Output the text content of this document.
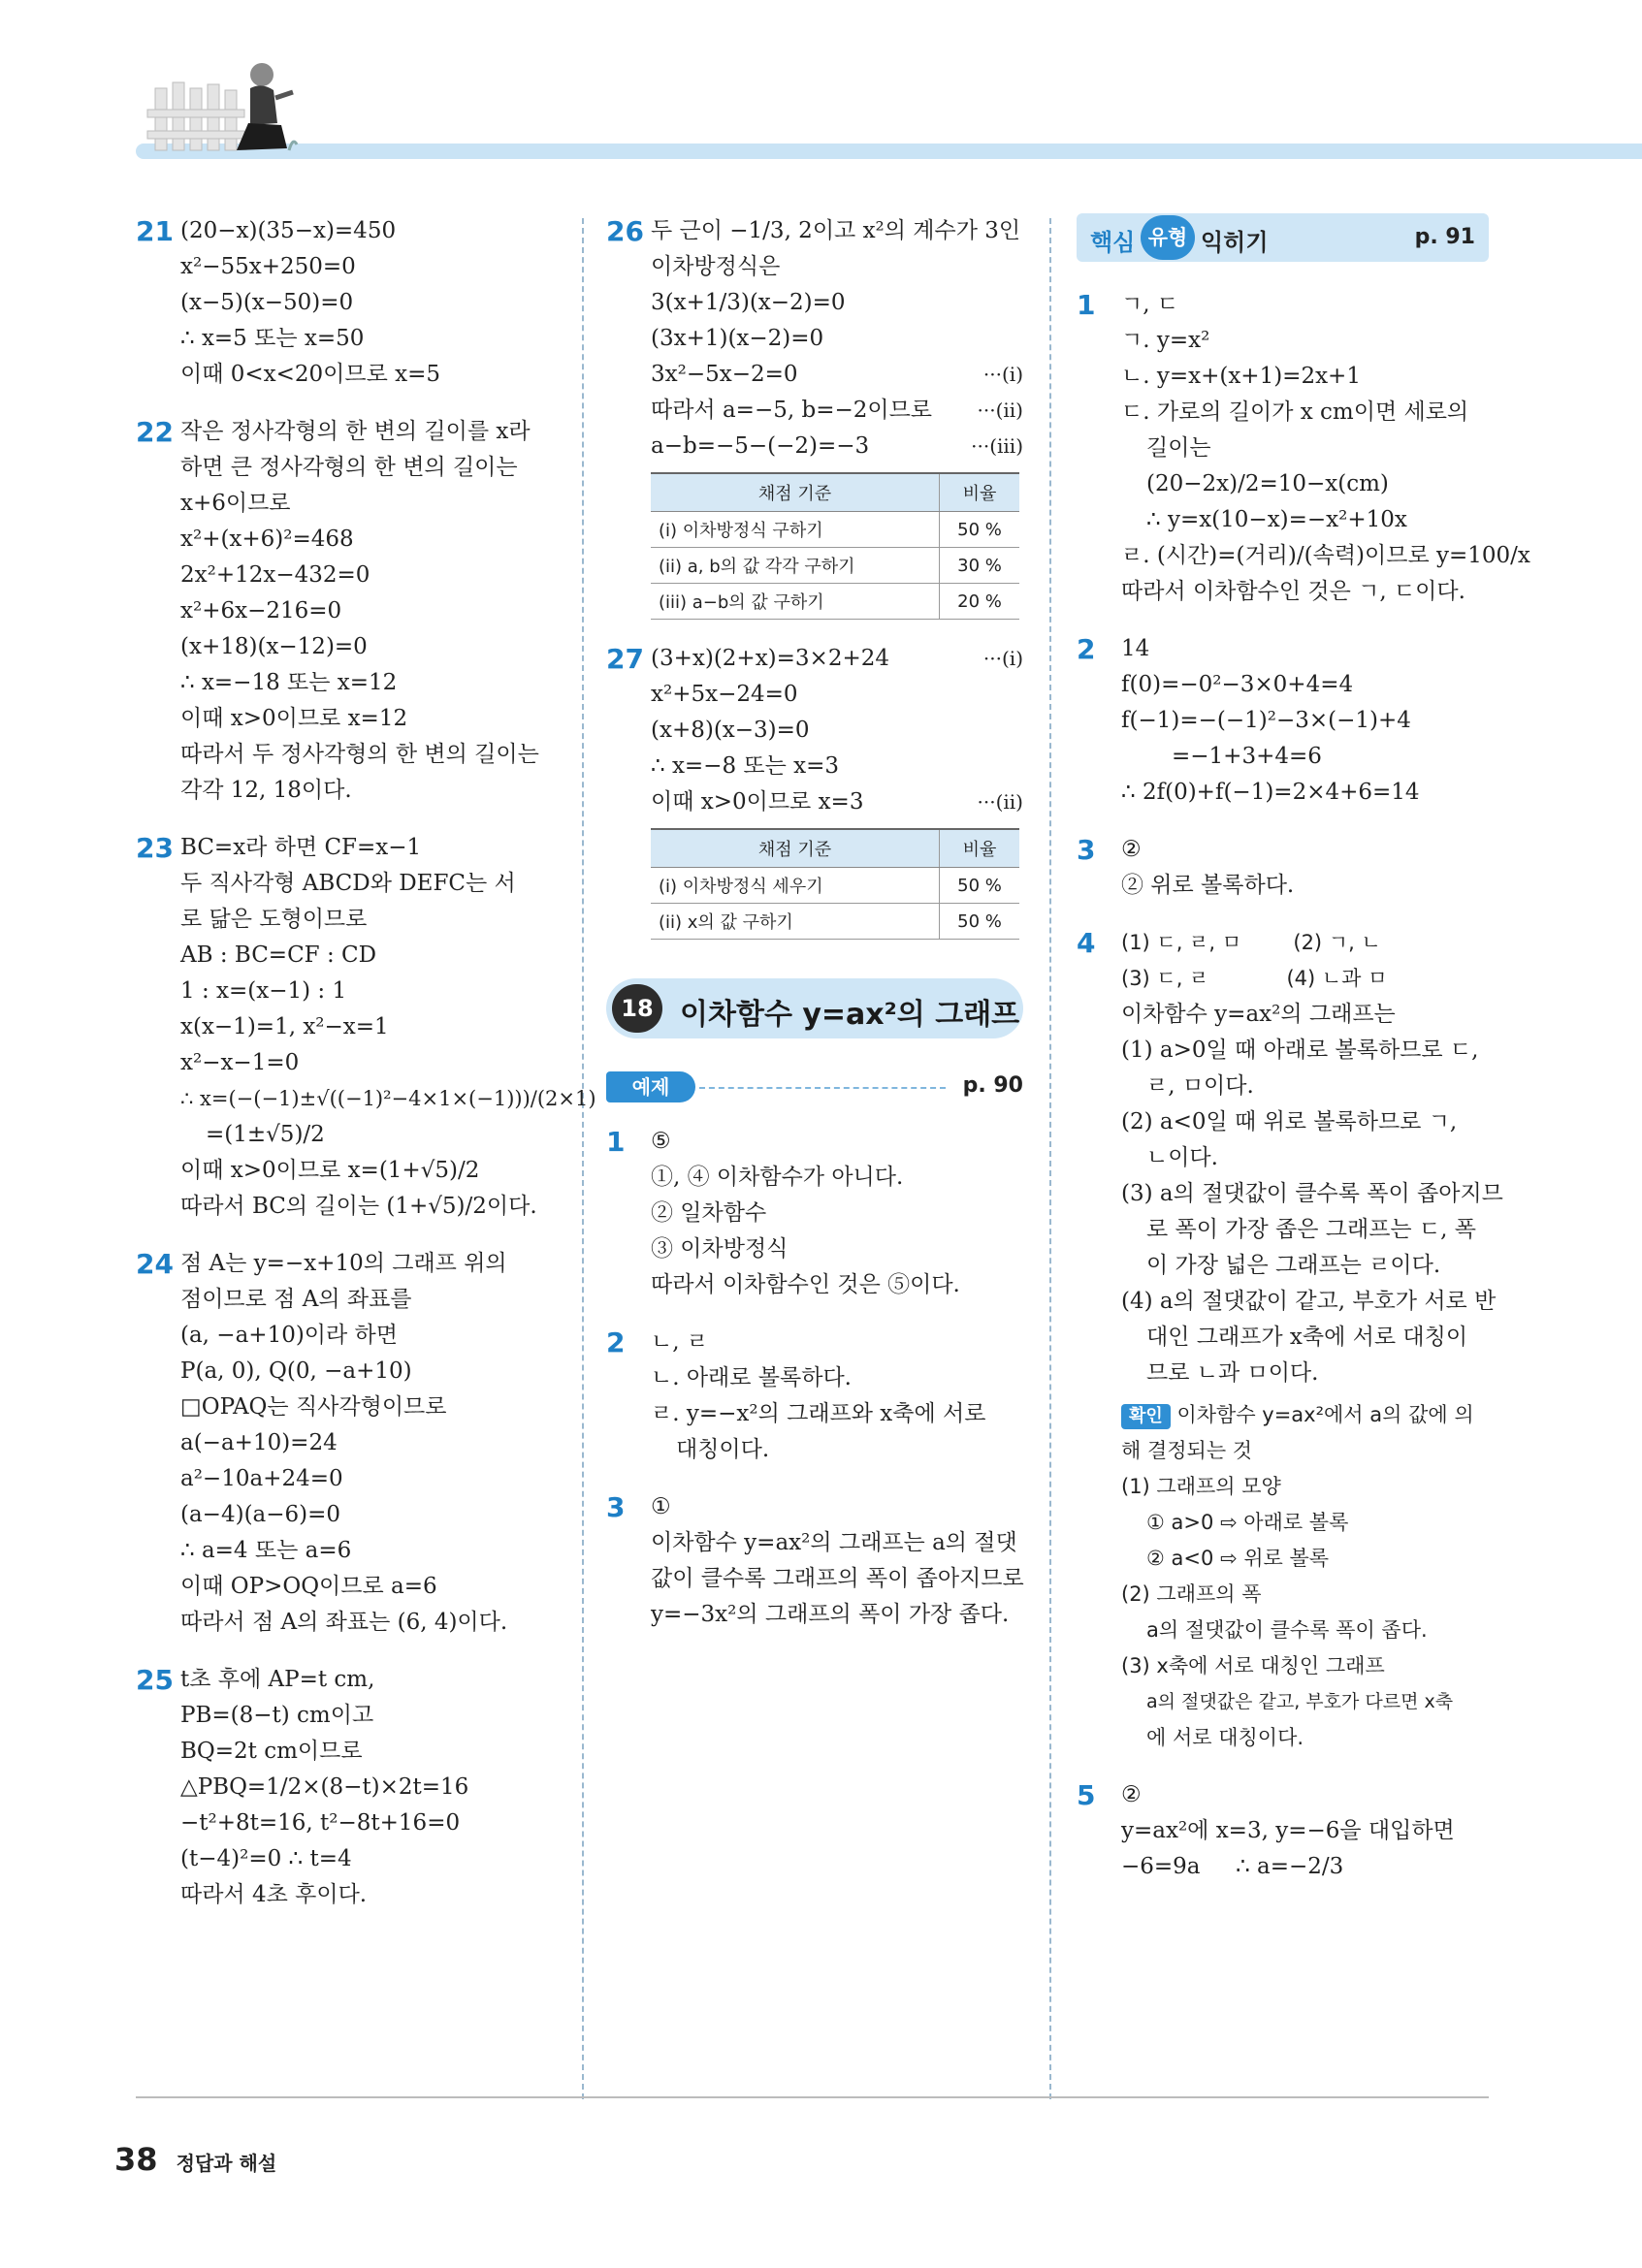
21 (20−x)(35−x)=450
x²−55x+250=0
(x−5)(x−50)=0
∴ x=5 또는 x=50
이때 0<x<20이므로 x=5
22 작은 정사각형의 한 변의 길이를 x라
하면 큰 정사각형의 한 변의 길이는
x+6이므로
x²+(x+6)²=468
2x²+12x−432=0
x²+6x−216=0
(x+18)(x−12)=0
∴ x=−18 또는 x=12
이때 x>0이므로 x=12
따라서 두 정사각형의 한 변의 길이는
각각 12, 18이다.
23 BC=x라 하면 CF=x−1
두 직사각형 ABCD와 DEFC는 서
로 닮은 도형이므로
AB : BC=CF : CD
1 : x=(x−1) : 1
x(x−1)=1, x²−x=1
x²−x−1=0
∴ x=(−(−1)±√((−1)²−4×1×(−1)))/(2×1)
=(1±√5)/2
이때 x>0이므로 x=(1+√5)/2
따라서 BC의 길이는 (1+√5)/2이다.
24 점 A는 y=−x+10의 그래프 위의
점이므로 점 A의 좌표를
(a, −a+10)이라 하면
P(a, 0), Q(0, −a+10)
□OPAQ는 직사각형이므로
a(−a+10)=24
a²−10a+24=0
(a−4)(a−6)=0
∴ a=4 또는 a=6
이때 OP>OQ이므로 a=6
따라서 점 A의 좌표는 (6, 4)이다.
25 t초 후에 AP=t cm,
PB=(8−t) cm이고
BQ=2t cm이므로
△PBQ=1/2×(8−t)×2t=16
−t²+8t=16, t²−8t+16=0
(t−4)²=0 ∴ t=4
따라서 4초 후이다.
26 두 근이 −1/3, 2이고 x²의 계수가 3인
이차방정식은
3(x+1/3)(x−2)=0
(3x+1)(x−2)=0
3x²−5x−2=0	···(i)
따라서 a=−5, b=−2이므로 ···(ii)
a−b=−5−(−2)=−3	···(iii)
채점 기준	비율
(i) 이차방정식 구하기	50 %
(ii) a, b의 값 각각 구하기	30 %
(iii) a−b의 값 구하기	20 %
27 (3+x)(2+x)=3×2+24	···(i)
x²+5x−24=0
(x+8)(x−3)=0
∴ x=−8 또는 x=3
이때 x>0이므로 x=3	···(ii)
채점 기준	비율
(i) 이차방정식 세우기	50 %
(ii) x의 값 구하기	50 %
18강
이차함수 y=ax²의 그래프
예제	p. 90
1 ⑤
①, ④ 이차함수가 아니다.
② 일차함수
③ 이차방정식
따라서 이차함수인 것은 ⑤이다.
2 ㄴ, ㄹ
ㄴ. 아래로 볼록하다.
ㄹ. y=−x²의 그래프와 x축에 서로
대칭이다.
3 ①
이차함수 y=ax²의 그래프는 a의 절댓
값이 클수록 그래프의 폭이 좁아지므로
y=−3x²의 그래프의 폭이 가장 좁다.
핵심 유형 익히기	p. 91
1 ㄱ, ㄷ
ㄱ. y=x²
ㄴ. y=x+(x+1)=2x+1
ㄷ. 가로의 길이가 x cm이면 세로의
길이는
(20−2x)/2=10−x(cm)
∴ y=x(10−x)=−x²+10x
ㄹ. (시간)=(거리)/(속력)이므로 y=100/x
따라서 이차함수인 것은 ㄱ, ㄷ이다.
2 14
f(0)=−0²−3×0+4=4
f(−1)=−(−1)²−3×(−1)+4
=−1+3+4=6
∴ 2f(0)+f(−1)=2×4+6=14
3 ②
② 위로 볼록하다.
4 (1) ㄷ, ㄹ, ㅁ        (2) ㄱ, ㄴ
(3) ㄷ, ㄹ            (4) ㄴ과 ㅁ
이차함수 y=ax²의 그래프는
(1) a>0일 때 아래로 볼록하므로 ㄷ,
ㄹ, ㅁ이다.
(2) a<0일 때 위로 볼록하므로 ㄱ,
ㄴ이다.
(3) a의 절댓값이 클수록 폭이 좁아지므
로 폭이 가장 좁은 그래프는 ㄷ, 폭
이 가장 넓은 그래프는 ㄹ이다.
(4) a의 절댓값이 같고, 부호가 서로 반
대인 그래프가 x축에 서로 대칭이
므로 ㄴ과 ㅁ이다.
확인 이차함수 y=ax²에서 a의 값에 의
해 결정되는 것
(1) 그래프의 모양
① a>0 ⇨ 아래로 볼록
② a<0 ⇨ 위로 볼록
(2) 그래프의 폭
a의 절댓값이 클수록 폭이 좁다.
(3) x축에 서로 대칭인 그래프
a의 절댓값은 같고, 부호가 다르면 x축
에 서로 대칭이다.
5 ②
y=ax²에 x=3, y=−6을 대입하면
−6=9a     ∴ a=−2/3
38 정답과 해설
